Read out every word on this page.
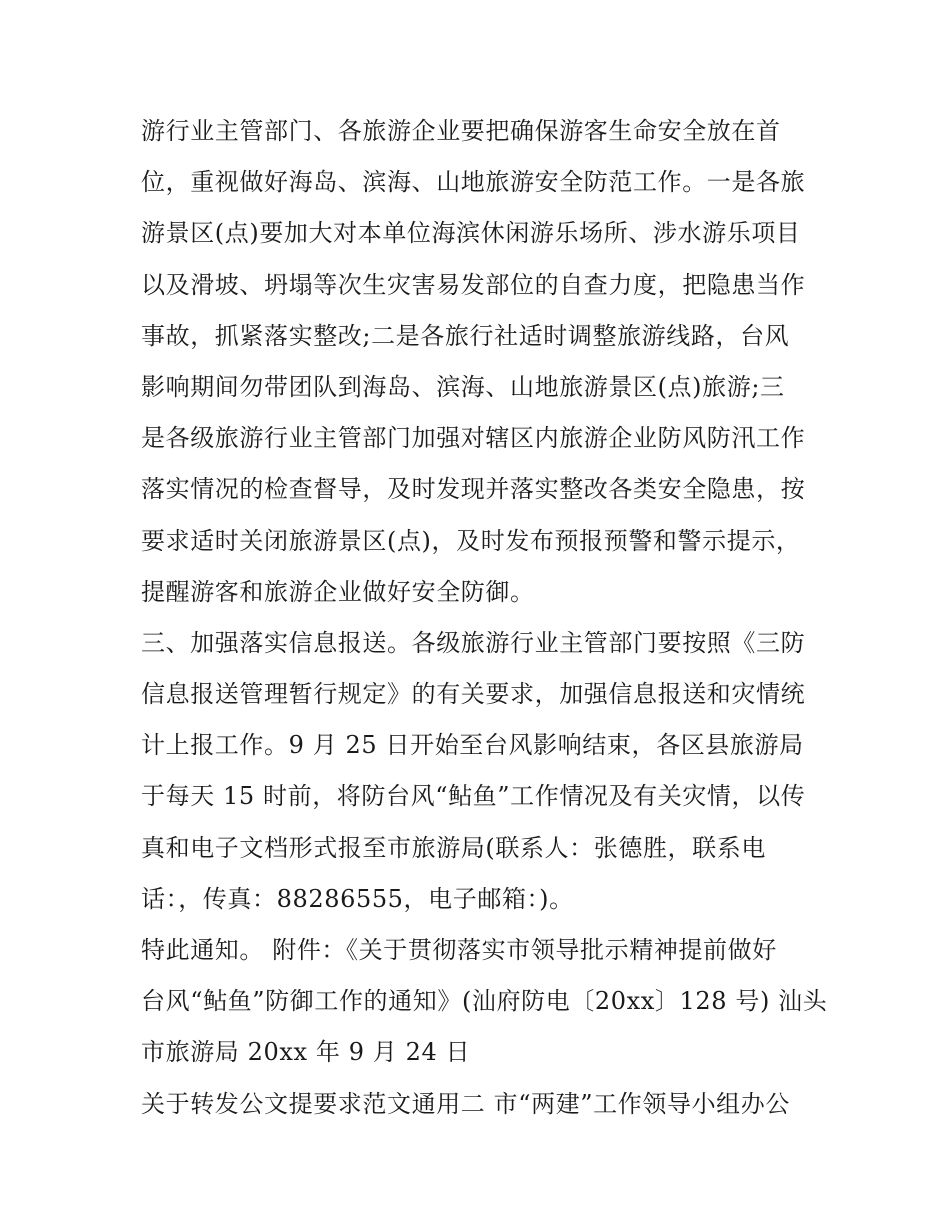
游行业主管部门、各旅游企业要把确保游客生命安全放在首
位，重视做好海岛、滨海、山地旅游安全防范工作。一是各旅
游景区(点)要加大对本单位海滨休闲游乐场所、涉水游乐项目
以及滑坡、坍塌等次生灾害易发部位的自查力度，把隐患当作
事故，抓紧落实整改;二是各旅行社适时调整旅游线路，台风
影响期间勿带团队到海岛、滨海、山地旅游景区(点)旅游;三
是各级旅游行业主管部门加强对辖区内旅游企业防风防汛工作
落实情况的检查督导，及时发现并落实整改各类安全隐患，按
要求适时关闭旅游景区(点)，及时发布预报预警和警示提示，
提醒游客和旅游企业做好安全防御。
三、加强落实信息报送。各级旅游行业主管部门要按照《三防
信息报送管理暂行规定》的有关要求，加强信息报送和灾情统
计上报工作。9 月 25 日开始至台风影响结束，各区县旅游局
于每天 15 时前，将防台风“鲇鱼”工作情况及有关灾情，以传
真和电子文档形式报至市旅游局(联系人：张德胜，联系电
话：，传真：88286555，电子邮箱：)。
特此通知。 附件：《关于贯彻落实市领导批示精神提前做好
台风“鲇鱼”防御工作的通知》(汕府防电〔20xx〕128 号) 汕头
市旅游局 20xx 年 9 月 24 日
关于转发公文提要求范文通用二 市“两建”工作领导小组办公
